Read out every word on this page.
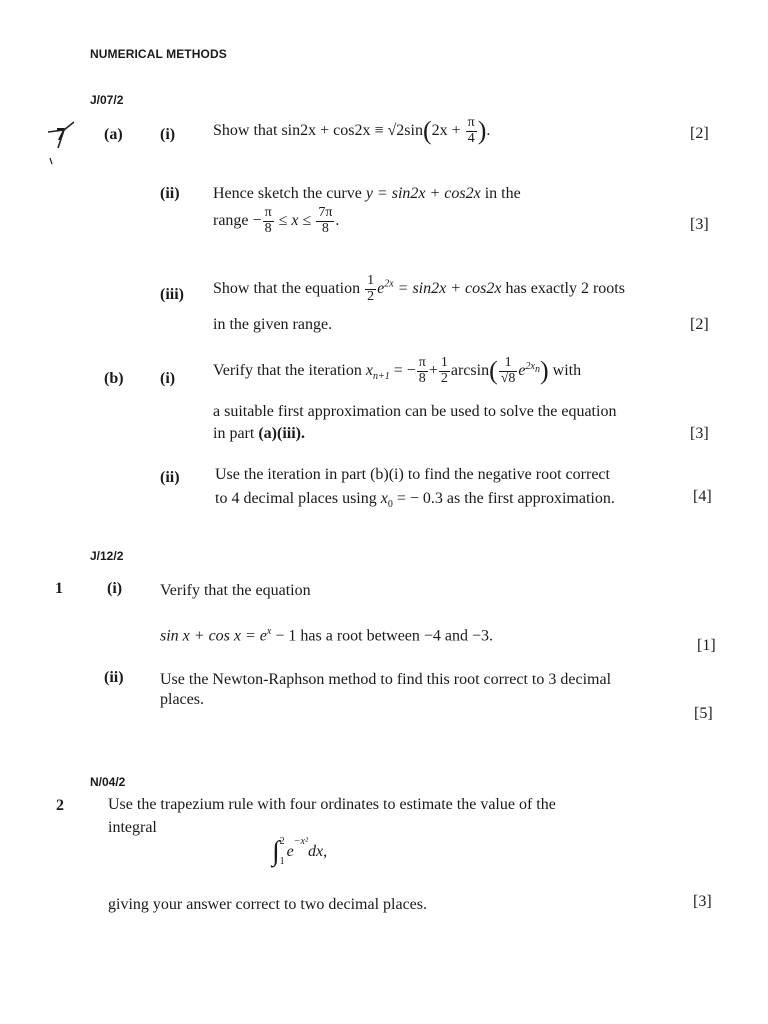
NUMERICAL METHODS
J/07/2
7 (a) (i) Show that $\sin 2x + \cos 2x \equiv √2\sin(2x + \frac{\pi}{4}$ ).	[2]
(ii) Hence sketch the curve y = sin2x + cos2x in the
range − $\frac{\pi}{8} \le x \le \frac{7\pi}{8}$ .	[3]
(iii) Show that the equation $\frac{1}{2} e^{2x} = \sin 2x + \cos 2x$ has exactly 2 roots
in the given range.	[2]
(b) (i) Verify that the iteration $x_{n+1}$ = − $\frac{\pi}{8} + \frac{1}{2} \arcsin( \frac{1}{√8} e^{2x_n})$ with
a suitable first approximation can be used to solve the equation
in part (a)(iii).	[3]
(ii) Use the iteration in part (b)(i) to find the negative root correct
to 4 decimal places using $x_0$ = − 0.3 as the first approximation.	[4]
J/12/2
1	(i) Verify that the equation
$\sin x + \cos x = e^x - 1$ has a root between −4 and −3.
[1]
(ii) Use the Newton-Raphson method to find this root correct to 3 decimal
places.
[5]
N/04/2
2	Use the trapezium rule with four ordinates to estimate the value of the
integral
∫ 2
1
$e^{-x^2}dx$,
giving your answer correct to two decimal places.	[3]
